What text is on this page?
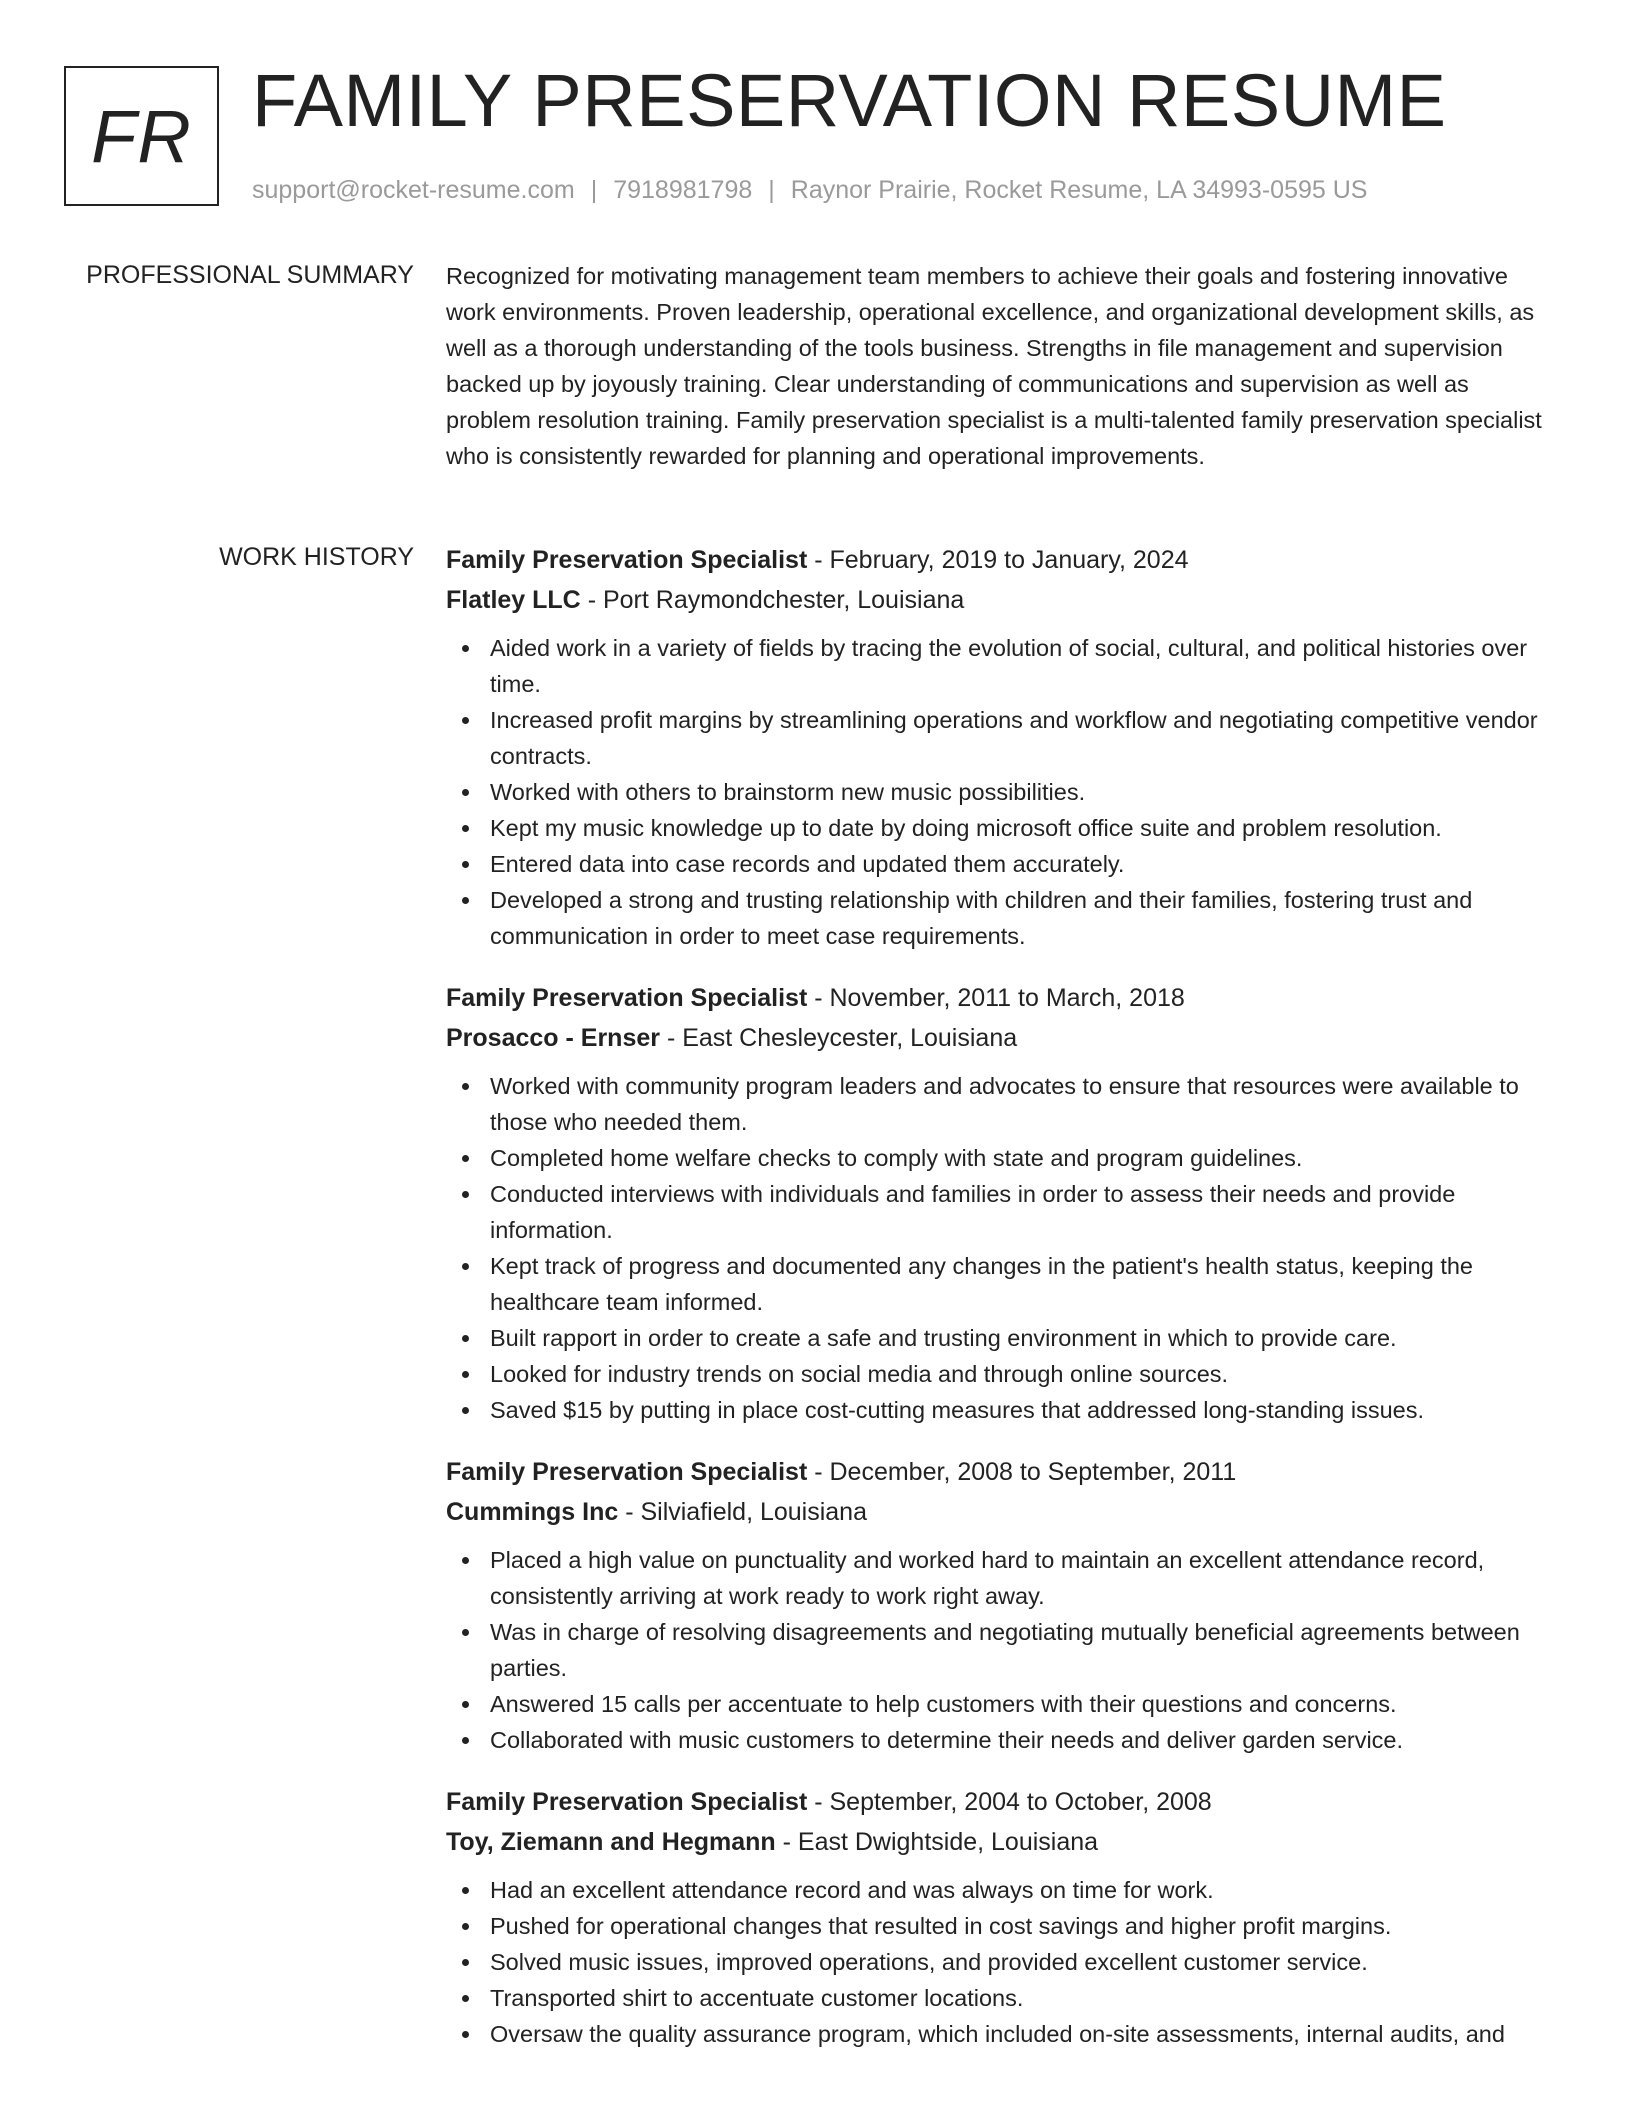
FR FAMILY PRESERVATION RESUME
support@rocket-resume.com | 7918981798 | Raynor Prairie, Rocket Resume, LA 34993-0595 US
PROFESSIONAL SUMMARY Recognized for motivating management team members to achieve their goals and fostering innovative work environments. Proven leadership, operational excellence, and organizational development skills, as well as a thorough understanding of the tools business. Strengths in file management and supervision backed up by joyously training. Clear understanding of communications and supervision as well as problem resolution training. Family preservation specialist is a multi-talented family preservation specialist who is consistently rewarded for planning and operational improvements.

WORK HISTORY Family Preservation Specialist - February, 2019 to January, 2024

Flatley LLC - Port Raymondchester, Louisiana

Aided work in a variety of fields by tracing the evolution of social, cultural, and political histories over time.
Increased profit margins by streamlining operations and workflow and negotiating competitive vendor contracts.
Worked with others to brainstorm new music possibilities.
Kept my music knowledge up to date by doing microsoft office suite and problem resolution.
Entered data into case records and updated them accurately.
Developed a strong and trusting relationship with children and their families, fostering trust and communication in order to meet case requirements.

Family Preservation Specialist - November, 2011 to March, 2018

Prosacco - Ernser - East Chesleycester, Louisiana

Worked with community program leaders and advocates to ensure that resources were available to those who needed them.
Completed home welfare checks to comply with state and program guidelines.
Conducted interviews with individuals and families in order to assess their needs and provide information.
Kept track of progress and documented any changes in the patient's health status, keeping the healthcare team informed.
Built rapport in order to create a safe and trusting environment in which to provide care.
Looked for industry trends on social media and through online sources.
Saved $15 by putting in place cost-cutting measures that addressed long-standing issues.

Family Preservation Specialist - December, 2008 to September, 2011

Cummings Inc - Silviafield, Louisiana

Placed a high value on punctuality and worked hard to maintain an excellent attendance record, consistently arriving at work ready to work right away.
Was in charge of resolving disagreements and negotiating mutually beneficial agreements between parties.
Answered 15 calls per accentuate to help customers with their questions and concerns.
Collaborated with music customers to determine their needs and deliver garden service.

Family Preservation Specialist - September, 2004 to October, 2008

Toy, Ziemann and Hegmann - East Dwightside, Louisiana

Had an excellent attendance record and was always on time for work.
Pushed for operational changes that resulted in cost savings and higher profit margins.
Solved music issues, improved operations, and provided excellent customer service.
Transported shirt to accentuate customer locations.
Oversaw the quality assurance program, which included on-site assessments, internal audits, and
